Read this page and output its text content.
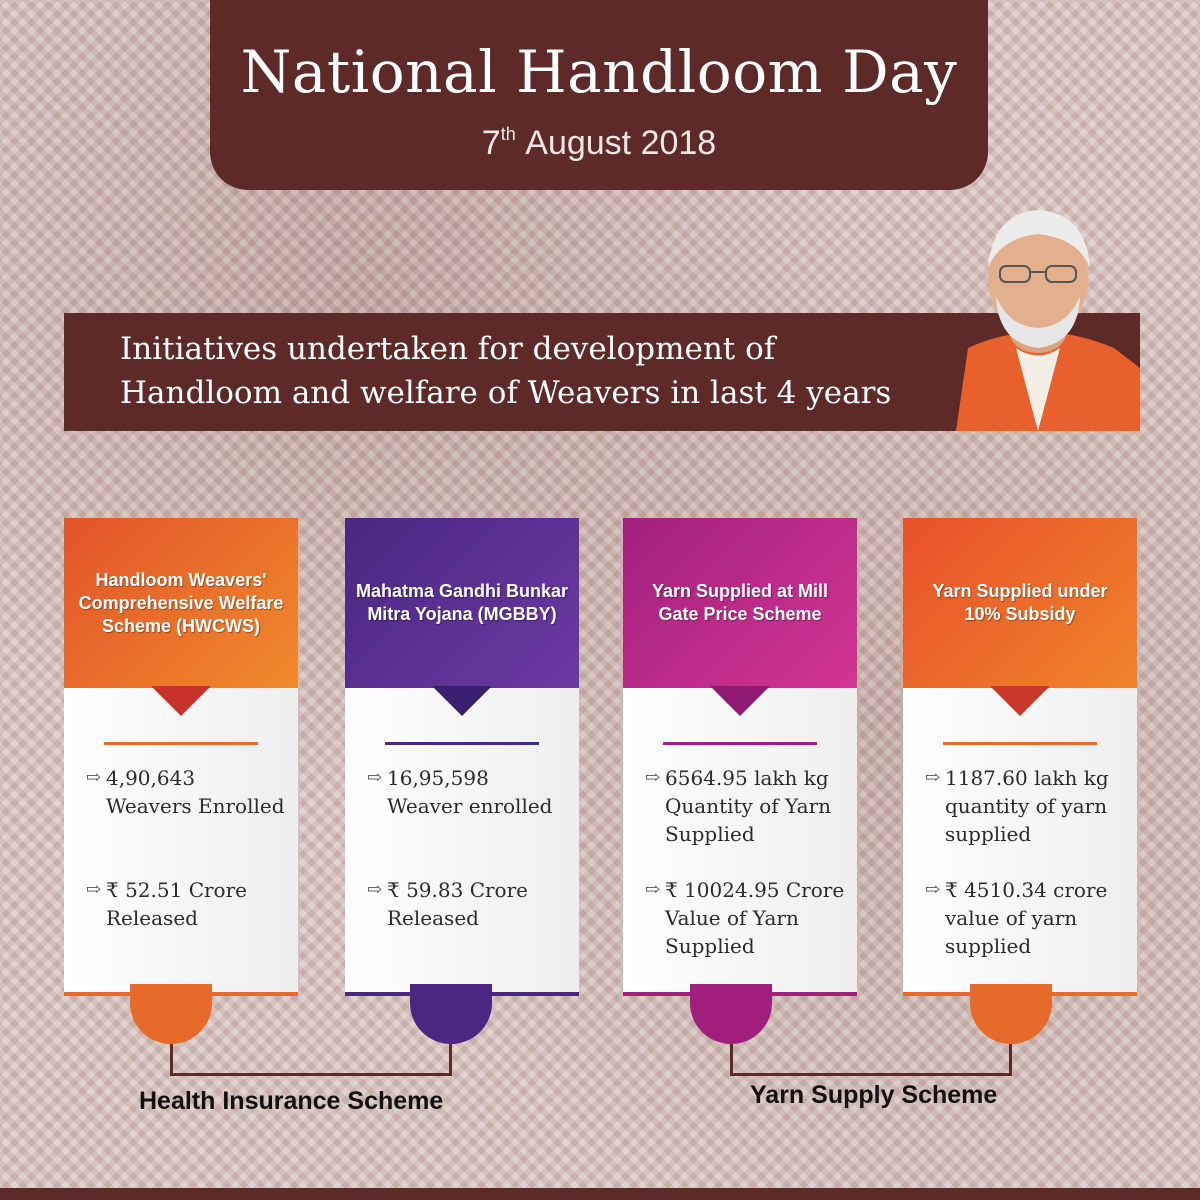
National Handloom Day
7th August 2018
Initiatives undertaken for development of
Handloom and welfare of Weavers in last 4 years
Handloom Weavers' Comprehensive Welfare Scheme (HWCWS)
⇨ 4,90,643 Weavers Enrolled
⇨ ₹ 52.51 Crore Released
Mahatma Gandhi Bunkar Mitra Yojana (MGBBY)
⇨ 16,95,598 Weaver enrolled
⇨ ₹ 59.83 Crore Released
Yarn Supplied at Mill Gate Price Scheme
⇨ 6564.95 lakh kg Quantity of Yarn Supplied
⇨ ₹ 10024.95 Crore Value of Yarn Supplied
Yarn Supplied under 10% Subsidy
⇨ 1187.60 lakh kg quantity of yarn supplied
⇨ ₹ 4510.34 crore value of yarn supplied
Health Insurance Scheme	Yarn Supply Scheme
